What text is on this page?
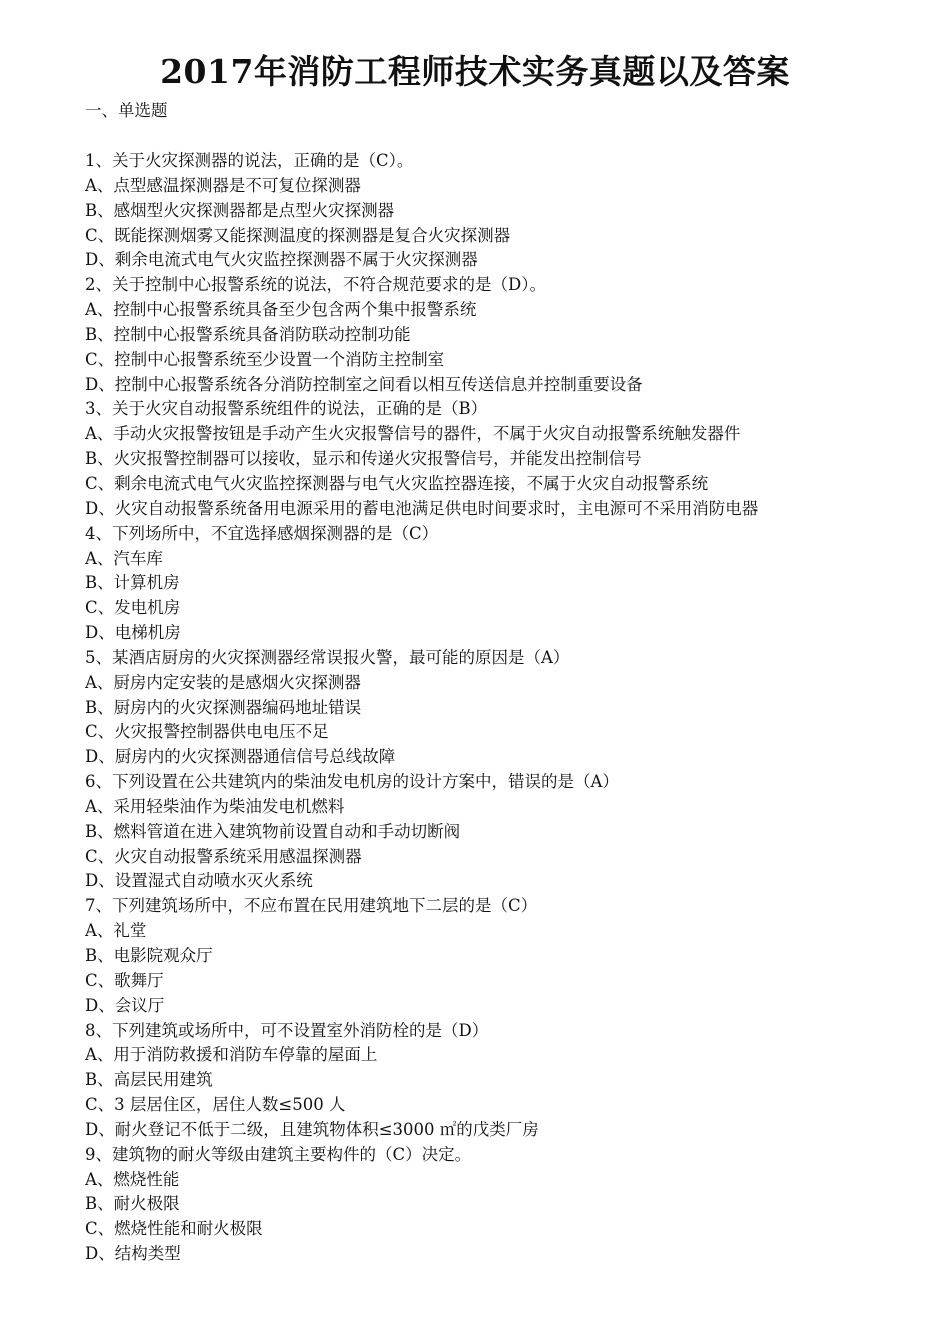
2017年消防工程师技术实务真题以及答案
一、单选题
1、关于火灾探测器的说法，正确的是（C）。
A、点型感温探测器是不可复位探测器
B、感烟型火灾探测器都是点型火灾探测器
C、既能探测烟雾又能探测温度的探测器是复合火灾探测器
D、剩余电流式电气火灾监控探测器不属于火灾探测器
2、关于控制中心报警系统的说法，不符合规范要求的是（D）。
A、控制中心报警系统具备至少包含两个集中报警系统
B、控制中心报警系统具备消防联动控制功能
C、控制中心报警系统至少设置一个消防主控制室
D、控制中心报警系统各分消防控制室之间看以相互传送信息并控制重要设备
3、关于火灾自动报警系统组件的说法，正确的是（B）
A、手动火灾报警按钮是手动产生火灾报警信号的器件，不属于火灾自动报警系统触发器件
B、火灾报警控制器可以接收，显示和传递火灾报警信号，并能发出控制信号
C、剩余电流式电气火灾监控探测器与电气火灾监控器连接，不属于火灾自动报警系统
D、火灾自动报警系统备用电源采用的蓄电池满足供电时间要求时，主电源可不采用消防电器
4、下列场所中，不宜选择感烟探测器的是（C）
A、汽车库
B、计算机房
C、发电机房
D、电梯机房
5、某酒店厨房的火灾探测器经常误报火警，最可能的原因是（A）
A、厨房内定安装的是感烟火灾探测器
B、厨房内的火灾探测器编码地址错误
C、火灾报警控制器供电电压不足
D、厨房内的火灾探测器通信信号总线故障
6、下列设置在公共建筑内的柴油发电机房的设计方案中，错误的是（A）
A、采用轻柴油作为柴油发电机燃料
B、燃料管道在进入建筑物前设置自动和手动切断阀
C、火灾自动报警系统采用感温探测器
D、设置湿式自动喷水灭火系统
7、下列建筑场所中，不应布置在民用建筑地下二层的是（C）
A、礼堂
B、电影院观众厅
C、歌舞厅
D、会议厅
8、下列建筑或场所中，可不设置室外消防栓的是（D）
A、用于消防救援和消防车停靠的屋面上
B、高层民用建筑
C、3 层居住区，居住人数≤500 人
D、耐火登记不低于二级，且建筑物体积≤3000 ㎡的戊类厂房
9、建筑物的耐火等级由建筑主要构件的（C）决定。
A、燃烧性能
B、耐火极限
C、燃烧性能和耐火极限
D、结构类型
